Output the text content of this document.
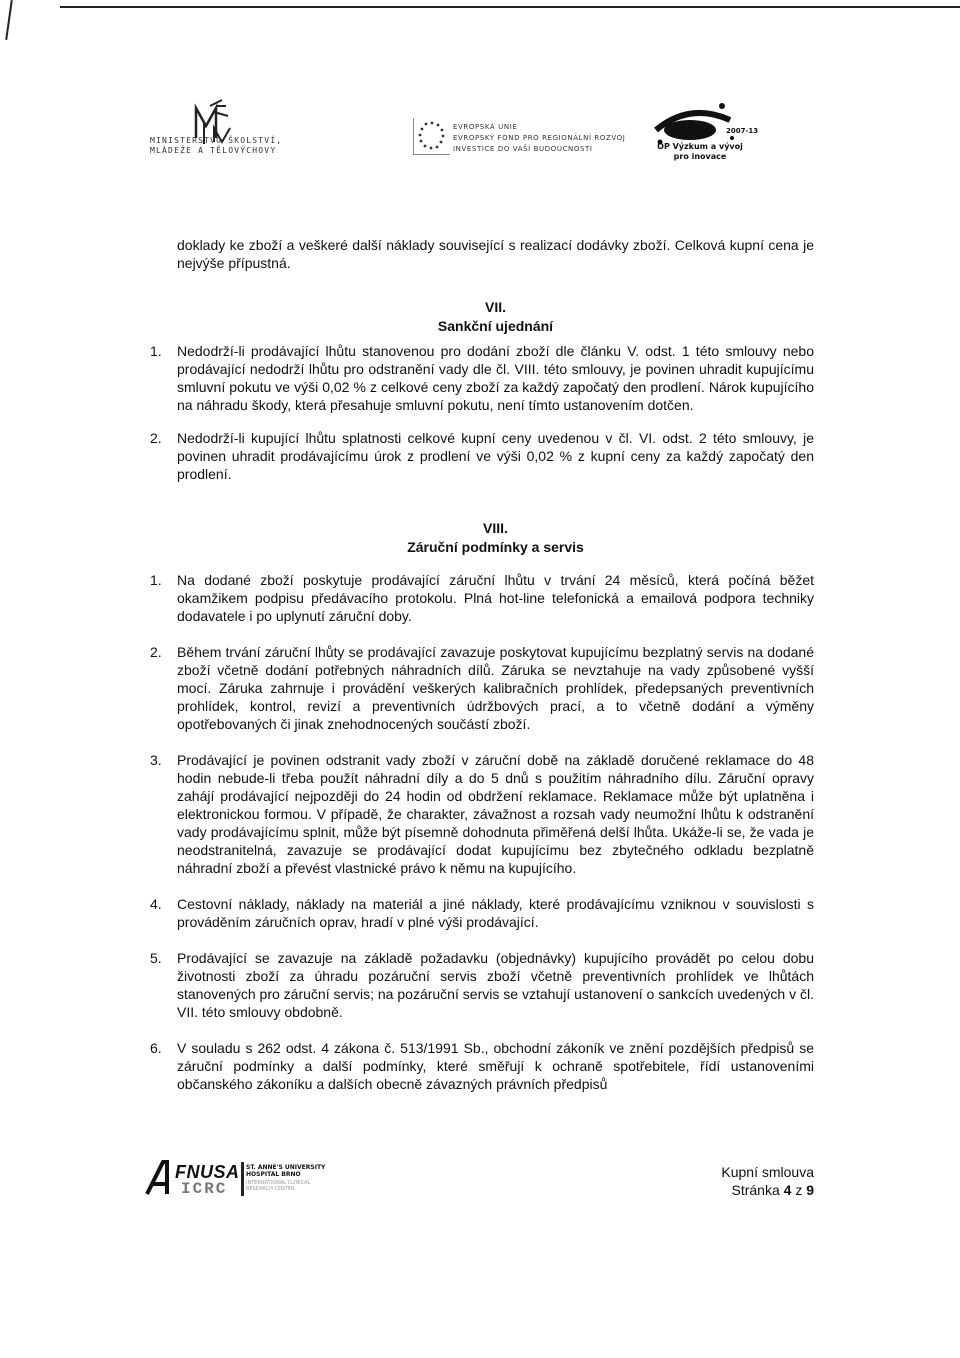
MINISTERSTVO ŠKOLSTVÍ,
MLÁDEŽE A TĚLOVÝCHOVY
EVROPSKÁ UNIE
EVROPSKÝ FOND PRO REGIONÁLNÍ ROZVOJ
INVESTICE DO VAŠÍ BUDOUCNOSTI
2007-13
OP Výzkum a vývoj
pro inovace

doklady ke zboží a veškeré další náklady související s realizací dodávky zboží. Celková kupní cena je nejvýše přípustná.

VII.
Sankční ujednání
1. Nedodrží-li prodávající lhůtu stanovenou pro dodání zboží dle článku V. odst. 1 této smlouvy nebo prodávající nedodrží lhůtu pro odstranění vady dle čl. VIII. této smlouvy, je povinen uhradit kupujícímu smluvní pokutu ve výši 0,02 % z celkové ceny zboží za každý započatý den prodlení. Nárok kupujícího na náhradu škody, která přesahuje smluvní pokutu, není tímto ustanovením dotčen.
2. Nedodrží-li kupující lhůtu splatnosti celkové kupní ceny uvedenou v čl. VI. odst. 2 této smlouvy, je povinen uhradit prodávajícímu úrok z prodlení ve výši 0,02 % z kupní ceny za každý započatý den prodlení.
VIII.
Záruční podmínky a servis
1. Na dodané zboží poskytuje prodávající záruční lhůtu v trvání 24 měsíců, která počíná běžet okamžikem podpisu předávacího protokolu. Plná hot-line telefonická a emailová podpora techniky dodavatele i po uplynutí záruční doby.
2. Během trvání záruční lhůty se prodávající zavazuje poskytovat kupujícímu bezplatný servis na dodané zboží včetně dodání potřebných náhradních dílů. Záruka se nevztahuje na vady způsobené vyšší mocí. Záruka zahrnuje i provádění veškerých kalibračních prohlídek, předepsaných preventivních prohlídek, kontrol, revizí a preventivních údržbových prací, a to včetně dodání a výměny opotřebovaných či jinak znehodnocených součástí zboží.
3. Prodávající je povinen odstranit vady zboží v záruční době na základě doručené reklamace do 48 hodin nebude-li třeba použít náhradní díly a do 5 dnů s použitím náhradního dílu. Záruční opravy zahájí prodávající nejpozději do 24 hodin od obdržení reklamace. Reklamace může být uplatněna i elektronickou formou. V případě, že charakter, závažnost a rozsah vady neumožní lhůtu k odstranění vady prodávajícímu splnit, může být písemně dohodnuta přiměřená delší lhůta. Ukáže-li se, že vada je neodstranitelná, zavazuje se prodávající dodat kupujícímu bez zbytečného odkladu bezplatně náhradní zboží a převést vlastnické právo k němu na kupujícího.
4. Cestovní náklady, náklady na materiál a jiné náklady, které prodávajícímu vzniknou v souvislosti s prováděním záručních oprav, hradí v plné výši prodávající.
5. Prodávající se zavazuje na základě požadavku (objednávky) kupujícího provádět po celou dobu životnosti zboží za úhradu pozáruční servis zboží včetně preventivních prohlídek ve lhůtách stanovených pro záruční servis; na pozáruční servis se vztahují ustanovení o sankcích uvedených v čl. VII. této smlouvy obdobně.
6. V souladu s 262 odst. 4 zákona č. 513/1991 Sb., obchodní zákoník ve znění pozdějších předpisů se záruční podmínky a další podmínky, které směřují k ochraně spotřebitele, řídí ustanoveními občanského zákoníku a dalších obecně závazných právních předpisů
FNUSA
ICRC
ST. ANNE'S UNIVERSITY
HOSPITAL BRNO
INTERNATIONAL CLINICAL
RESEARCH CENTER
Kupní smlouva
Stránka 4 z 9
